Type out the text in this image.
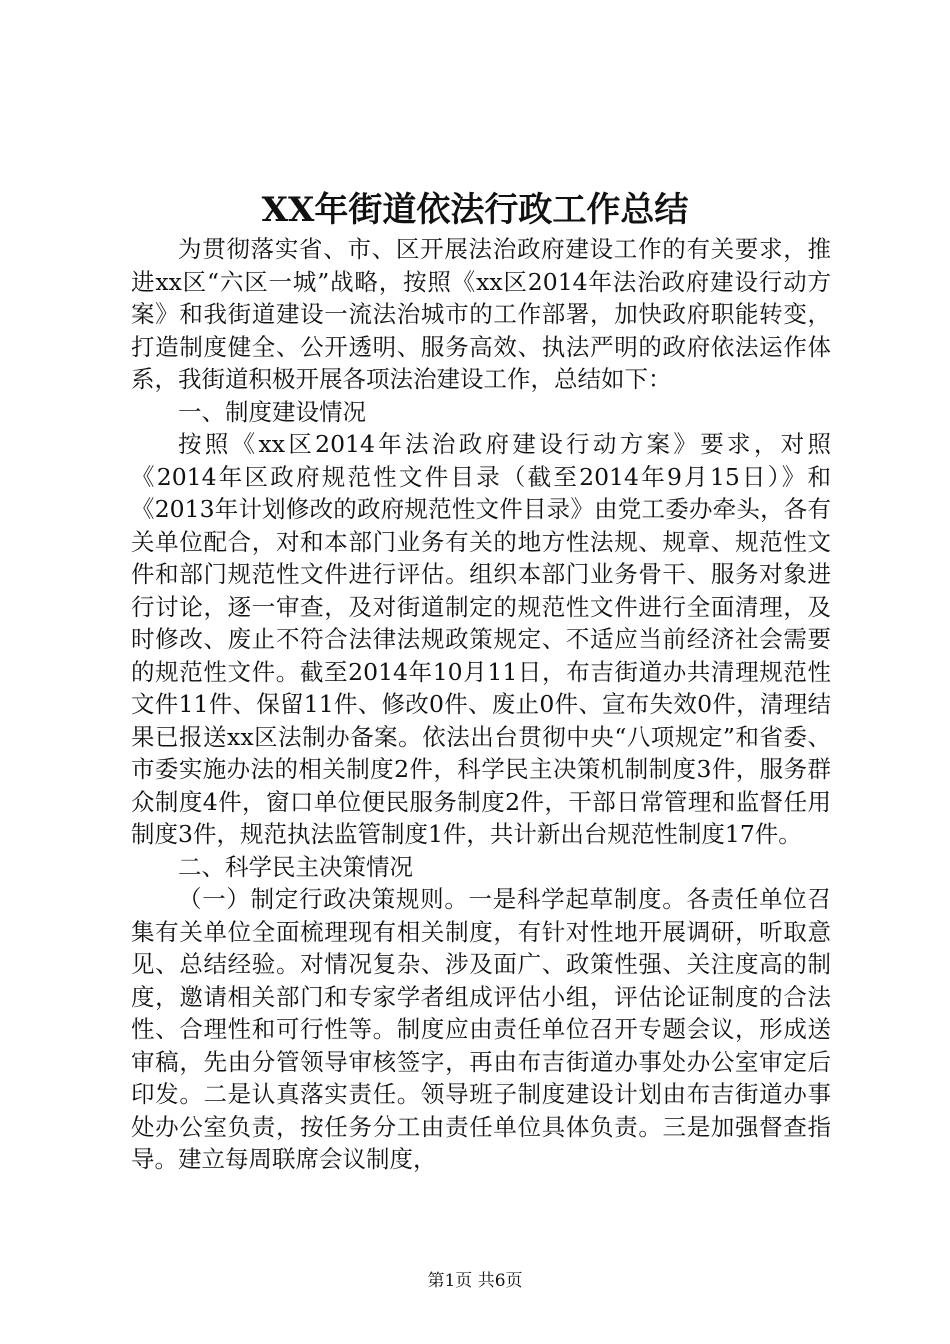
XX年街道依法行政工作总结

为贯彻落实省、市、区开展法治政府建设工作的有关要求，推进xx区“六区一城”战略，按照《xx区2014年法治政府建设行动方案》和我街道建设一流法治城市的工作部署，加快政府职能转变，打造制度健全、公开透明、服务高效、执法严明的政府依法运作体系，我街道积极开展各项法治建设工作，总结如下：

一、制度建设情况

按照《xx区2014年法治政府建设行动方案》要求，对照《2014年区政府规范性文件目录（截至2014年9月15日）》和《2013年计划修改的政府规范性文件目录》由党工委办牵头，各有关单位配合，对和本部门业务有关的地方性法规、规章、规范性文件和部门规范性文件进行评估。组织本部门业务骨干、服务对象进行讨论，逐一审查，及对街道制定的规范性文件进行全面清理，及时修改、废止不符合法律法规政策规定、不适应当前经济社会需要的规范性文件。截至2014年10月11日，布吉街道办共清理规范性文件11件、保留11件、修改0件、废止0件、宣布失效0件，清理结果已报送xx区法制办备案。依法出台贯彻中央“八项规定”和省委、市委实施办法的相关制度2件，科学民主决策机制制度3件，服务群众制度4件，窗口单位便民服务制度2件，干部日常管理和监督任用制度3件，规范执法监管制度1件，共计新出台规范性制度17件。

二、科学民主决策情况

（一）制定行政决策规则。一是科学起草制度。各责任单位召集有关单位全面梳理现有相关制度，有针对性地开展调研，听取意见、总结经验。对情况复杂、涉及面广、政策性强、关注度高的制度，邀请相关部门和专家学者组成评估小组，评估论证制度的合法性、合理性和可行性等。制度应由责任单位召开专题会议，形成送审稿，先由分管领导审核签字，再由布吉街道办事处办公室审定后印发。二是认真落实责任。领导班子制度建设计划由布吉街道办事处办公室负责，按任务分工由责任单位具体负责。三是加强督查指导。建立每周联席会议制度，

第1页 共6页
